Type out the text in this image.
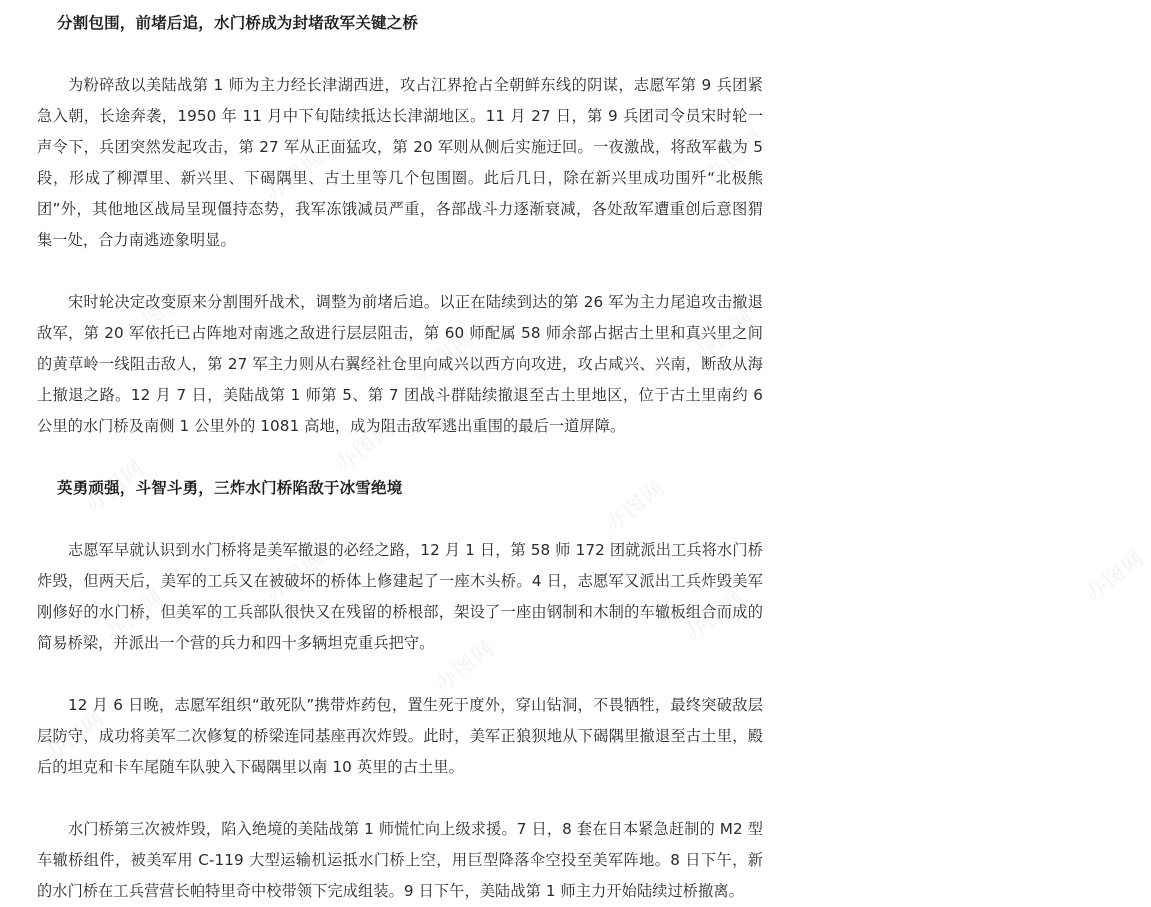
办图网	办图网
办图网
办图网	办图网
办图网
办图网
办图网
办图网	办图网
办图网	办图网
办图网
办图网
分割包围，前堵后追，水门桥成为封堵敌军关键之桥

为粉碎敌以美陆战第 1 师为主力经长津湖西进，攻占江界抢占全朝鲜东线的阴谋，志愿军第 9 兵团紧急入朝，长途奔袭，1950 年 11 月中下旬陆续抵达长津湖地区。11 月 27 日，第 9 兵团司令员宋时轮一声令下，兵团突然发起攻击，第 27 军从正面猛攻，第 20 军则从侧后实施迂回。一夜激战，将敌军截为 5 段，形成了柳潭里、新兴里、下碣隅里、古土里等几个包围圈。此后几日，除在新兴里成功围歼“北极熊团”外，其他地区战局呈现僵持态势，我军冻饿减员严重，各部战斗力逐渐衰减，各处敌军遭重创后意图猬集一处，合力南逃迹象明显。

宋时轮决定改变原来分割围歼战术，调整为前堵后追。以正在陆续到达的第 26 军为主力尾追攻击撤退敌军，第 20 军依托已占阵地对南逃之敌进行层层阻击，第 60 师配属 58 师余部占据古土里和真兴里之间的黄草岭一线阻击敌人，第 27 军主力则从右翼经社仓里向咸兴以西方向攻进，攻占咸兴、兴南，断敌从海上撤退之路。12 月 7 日，美陆战第 1 师第 5、第 7 团战斗群陆续撤退至古土里地区，位于古土里南约 6 公里的水门桥及南侧 1 公里外的 1081 高地，成为阻击敌军逃出重围的最后一道屏障。

英勇顽强，斗智斗勇，三炸水门桥陷敌于冰雪绝境

志愿军早就认识到水门桥将是美军撤退的必经之路，12 月 1 日，第 58 师 172 团就派出工兵将水门桥炸毁，但两天后，美军的工兵又在被破坏的桥体上修建起了一座木头桥。4 日，志愿军又派出工兵炸毁美军刚修好的水门桥，但美军的工兵部队很快又在残留的桥根部，架设了一座由钢制和木制的车辙板组合而成的简易桥梁，并派出一个营的兵力和四十多辆坦克重兵把守。

12 月 6 日晚，志愿军组织“敢死队”携带炸药包，置生死于度外，穿山钻洞，不畏牺牲，最终突破敌层层防守，成功将美军二次修复的桥梁连同基座再次炸毁。此时，美军正狼狈地从下碣隅里撤退至古土里，殿后的坦克和卡车尾随车队驶入下碣隅里以南 10 英里的古土里。

水门桥第三次被炸毁，陷入绝境的美陆战第 1 师慌忙向上级求援。7 日，8 套在日本紧急赶制的 M2 型车辙桥组件，被美军用 C-119 大型运输机运抵水门桥上空，用巨型降落伞空投至美军阵地。8 日下午，新的水门桥在工兵营营长帕特里奇中校带领下完成组装。9 日下午，美陆战第 1 师主力开始陆续过桥撤离。
